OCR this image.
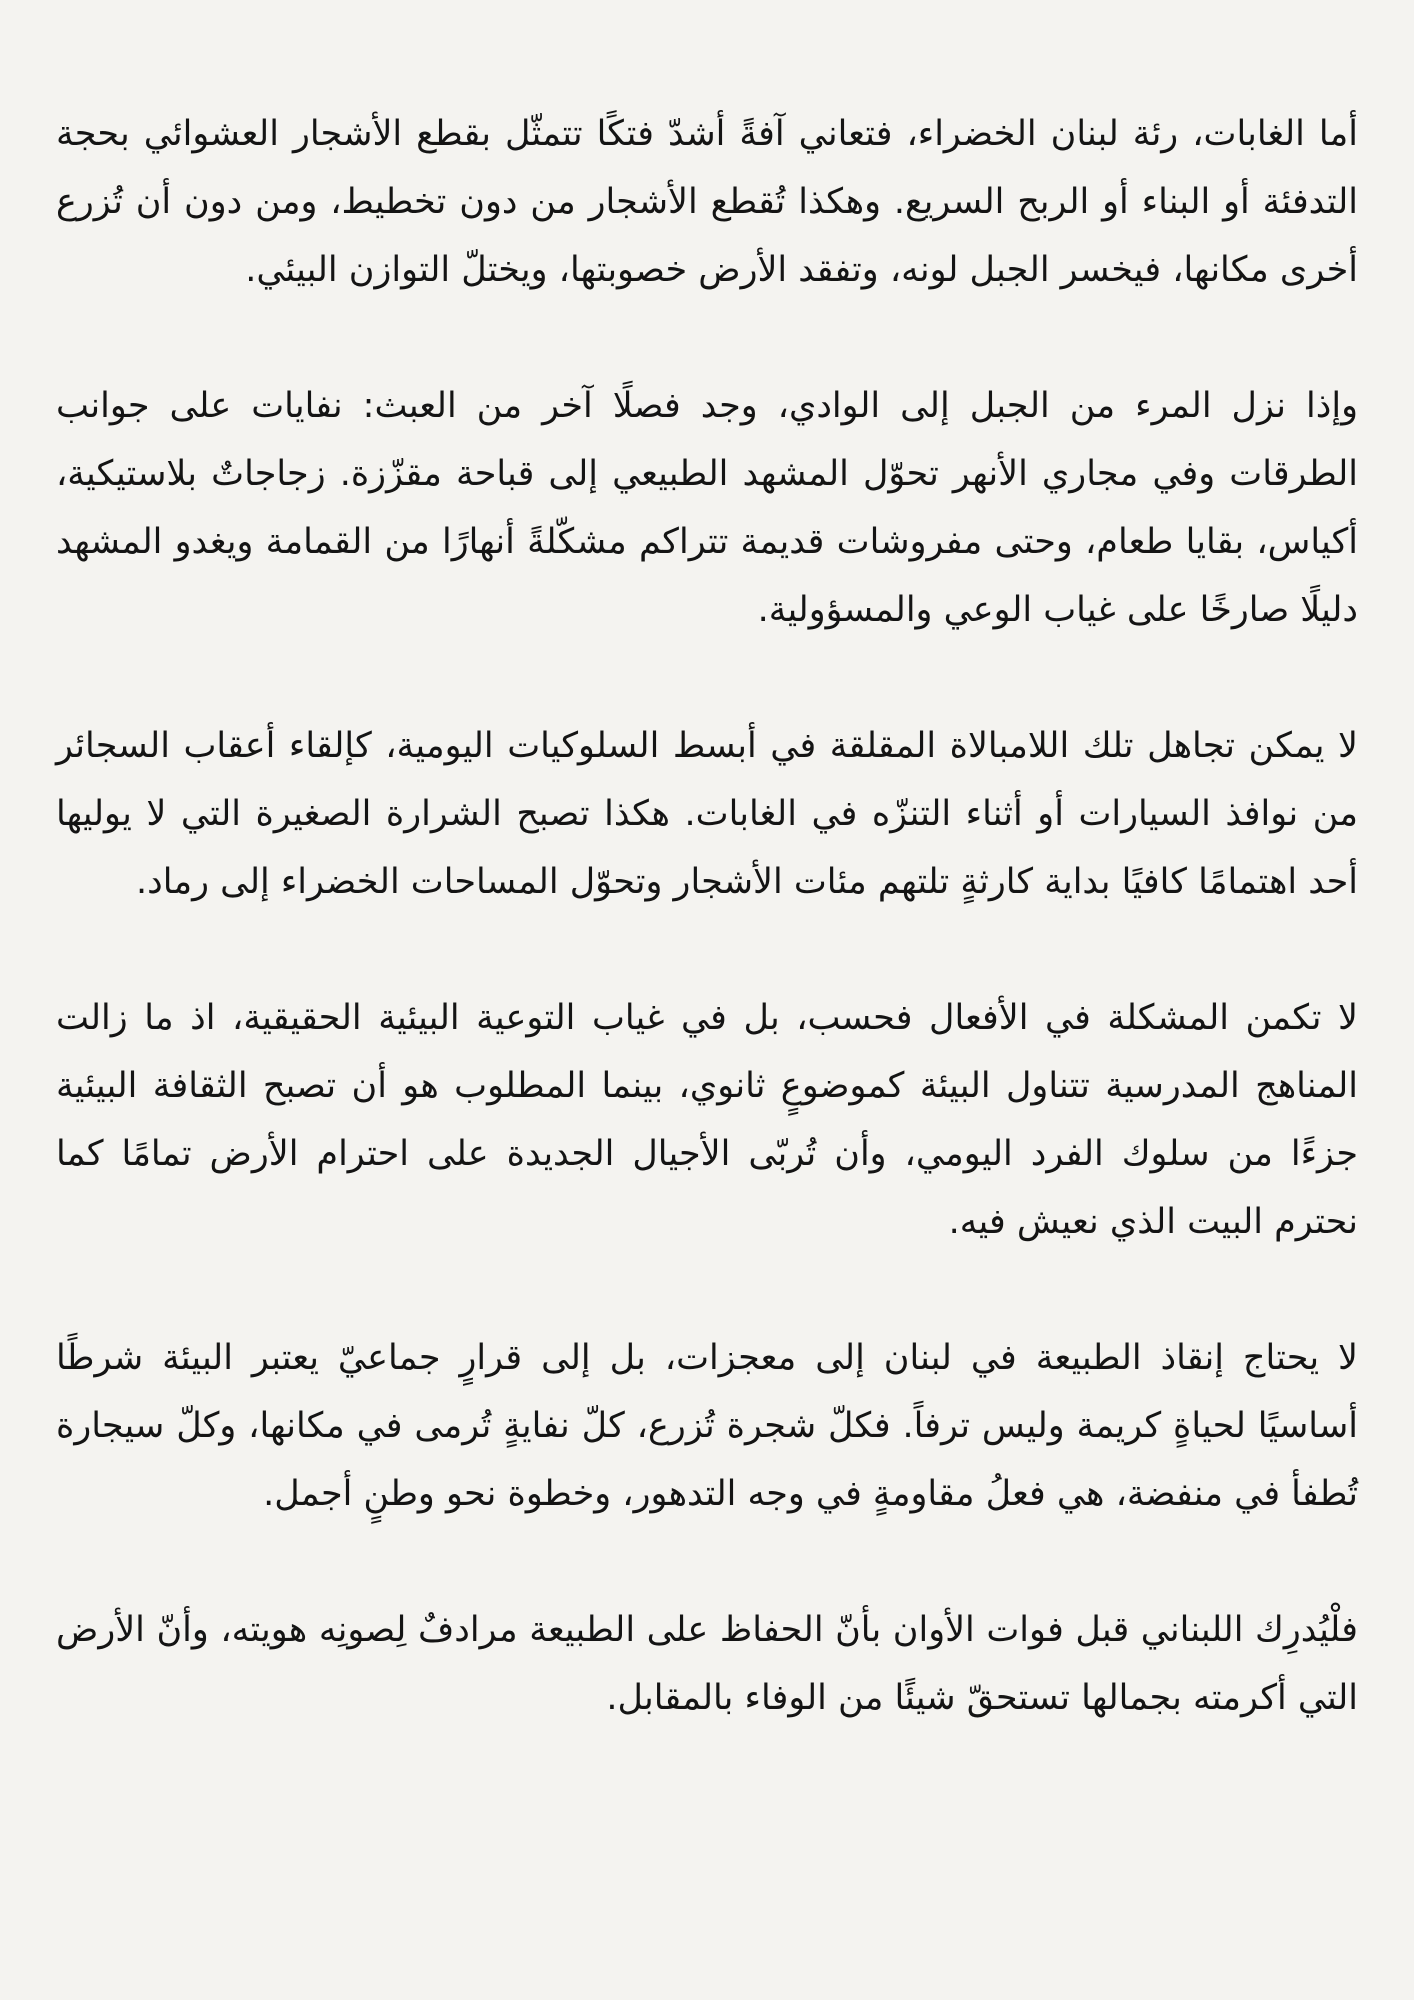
أما الغابات، رئة لبنان الخضراء، فتعاني آفةً أشدّ فتكًا تتمثّل بقطع الأشجار العشوائي بحجة التدفئة أو البناء أو الربح السريع. وهكذا تُقطع الأشجار من دون تخطيط، ومن دون أن تُزرع أخرى مكانها، فيخسر الجبل لونه، وتفقد الأرض خصوبتها، ويختلّ التوازن البيئي.

وإذا نزل المرء من الجبل إلى الوادي، وجد فصلًا آخر من العبث: نفايات على جوانب الطرقات وفي مجاري الأنهر تحوّل المشهد الطبيعي إلى قباحة مقزّزة. زجاجاتٌ بلاستيكية، أكياس، بقايا طعام، وحتى مفروشات قديمة تتراكم مشكّلةً أنهارًا من القمامة ويغدو المشهد دليلًا صارخًا على غياب الوعي والمسؤولية.

لا يمكن تجاهل تلك اللامبالاة المقلقة في أبسط السلوكيات اليومية، كإلقاء أعقاب السجائر من نوافذ السيارات أو أثناء التنزّه في الغابات. هكذا تصبح الشرارة الصغيرة التي لا يوليها أحد اهتمامًا كافيًا بداية كارثةٍ تلتهم مئات الأشجار وتحوّل المساحات الخضراء إلى رماد.

لا تكمن المشكلة في الأفعال فحسب، بل في غياب التوعية البيئية الحقيقية، اذ ما زالت المناهج المدرسية تتناول البيئة كموضوعٍ ثانوي، بينما المطلوب هو أن تصبح الثقافة البيئية جزءًا من سلوك الفرد اليومي، وأن تُربّى الأجيال الجديدة على احترام الأرض تمامًا كما نحترم البيت الذي نعيش فيه.

لا يحتاج إنقاذ الطبيعة في لبنان إلى معجزات، بل إلى قرارٍ جماعيّ يعتبر البيئة شرطًا أساسيًا لحياةٍ كريمة وليس ترفاً. فكلّ شجرة تُزرع، كلّ نفايةٍ تُرمى في مكانها، وكلّ سيجارة تُطفأ في منفضة، هي فعلُ مقاومةٍ في وجه التدهور، وخطوة نحو وطنٍ أجمل.

فلْيُدرِك اللبناني قبل فوات الأوان بأنّ الحفاظ على الطبيعة مرادفٌ لِصونِه هويته، وأنّ الأرض التي أكرمته بجمالها تستحقّ شيئًا من الوفاء بالمقابل.
